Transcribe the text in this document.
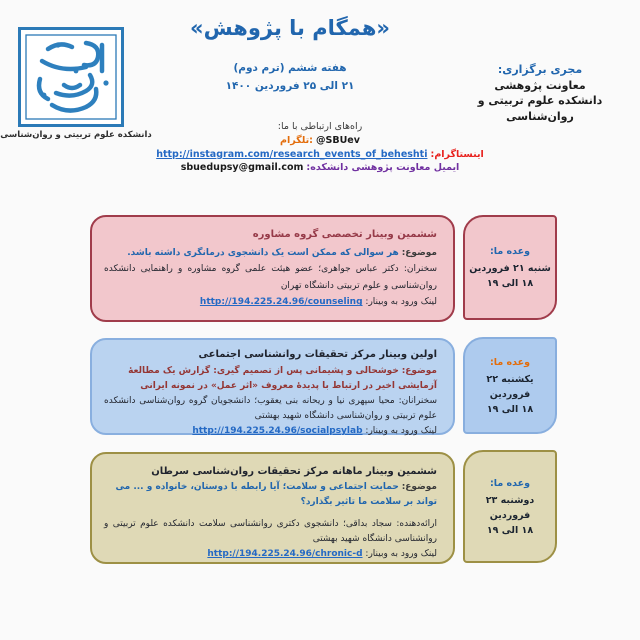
دانشکده علوم تربیتی و روان‌شناسی
«همگام با پژوهش»
هفته ششم (ترم دوم)
۲۱ الی ۲۵ فروردین ۱۴۰۰
مجری برگزاری:
معاونت پژوهشی
دانشکده علوم تربیتی و روان‌شناسی
راه‌های ارتباطی با ما:
تلگرام: @SBUev
اینستاگرام: http://instagram.com/research_events_of_beheshti
ایمیل معاونت پژوهشی دانشکده: sbuedupsy@gmail.com
ششمین وبینار تخصصی گروه مشاوره
موضوع: هر سوالی که ممکن است یک دانشجوی درمانگری داشته باشد.
سخنران: دکتر عباس جواهری؛ عضو هیئت علمی گروه مشاوره و راهنمایی دانشکده روان‌شناسی و علوم تربیتی دانشگاه تهران
لینک ورود به وبینار: http://194.225.24.96/counseling
وعده ما:
شنبه ۲۱ فروردین
۱۸ الی ۱۹
اولین وبینار مرکز تحقیقات روانشناسی اجتماعی
موضوع: خوشحالی و پشیمانی پس از تصمیم گیری: گزارش یک مطالعهٔ آزمایشی اخیر در ارتباط با پدیدهٔ معروف «اثر عمل» در نمونه ایرانی
سخنرانان: محیا سپهری نیا و ریحانه بنی یعقوب؛ دانشجویان گروه روان‌شناسی دانشکده علوم تربیتی و روان‌شناسی دانشگاه شهید بهشتی
لینک ورود به وبینار: http://194.225.24.96/socialpsylab
وعده ما:
یکشنبه ۲۲ فروردین
۱۸ الی ۱۹
ششمین وبینار ماهانه مرکز تحقیقات روان‌شناسی سرطان
موضوع: حمایت اجتماعی و سلامت؛ آیا رابطه با دوستان، خانواده و ... می تواند بر سلامت ما تاثیر بگذارد؟
ارائه‌دهنده: سجاد بداقی؛ دانشجوی دکتری روانشناسی سلامت دانشکده علوم تربیتی و روانشناسی دانشگاه شهید بهشتی
لینک ورود به وبینار: http://194.225.24.96/chronic-d
وعده ما:
دوشنبه ۲۳ فروردین
۱۸ الی ۱۹
